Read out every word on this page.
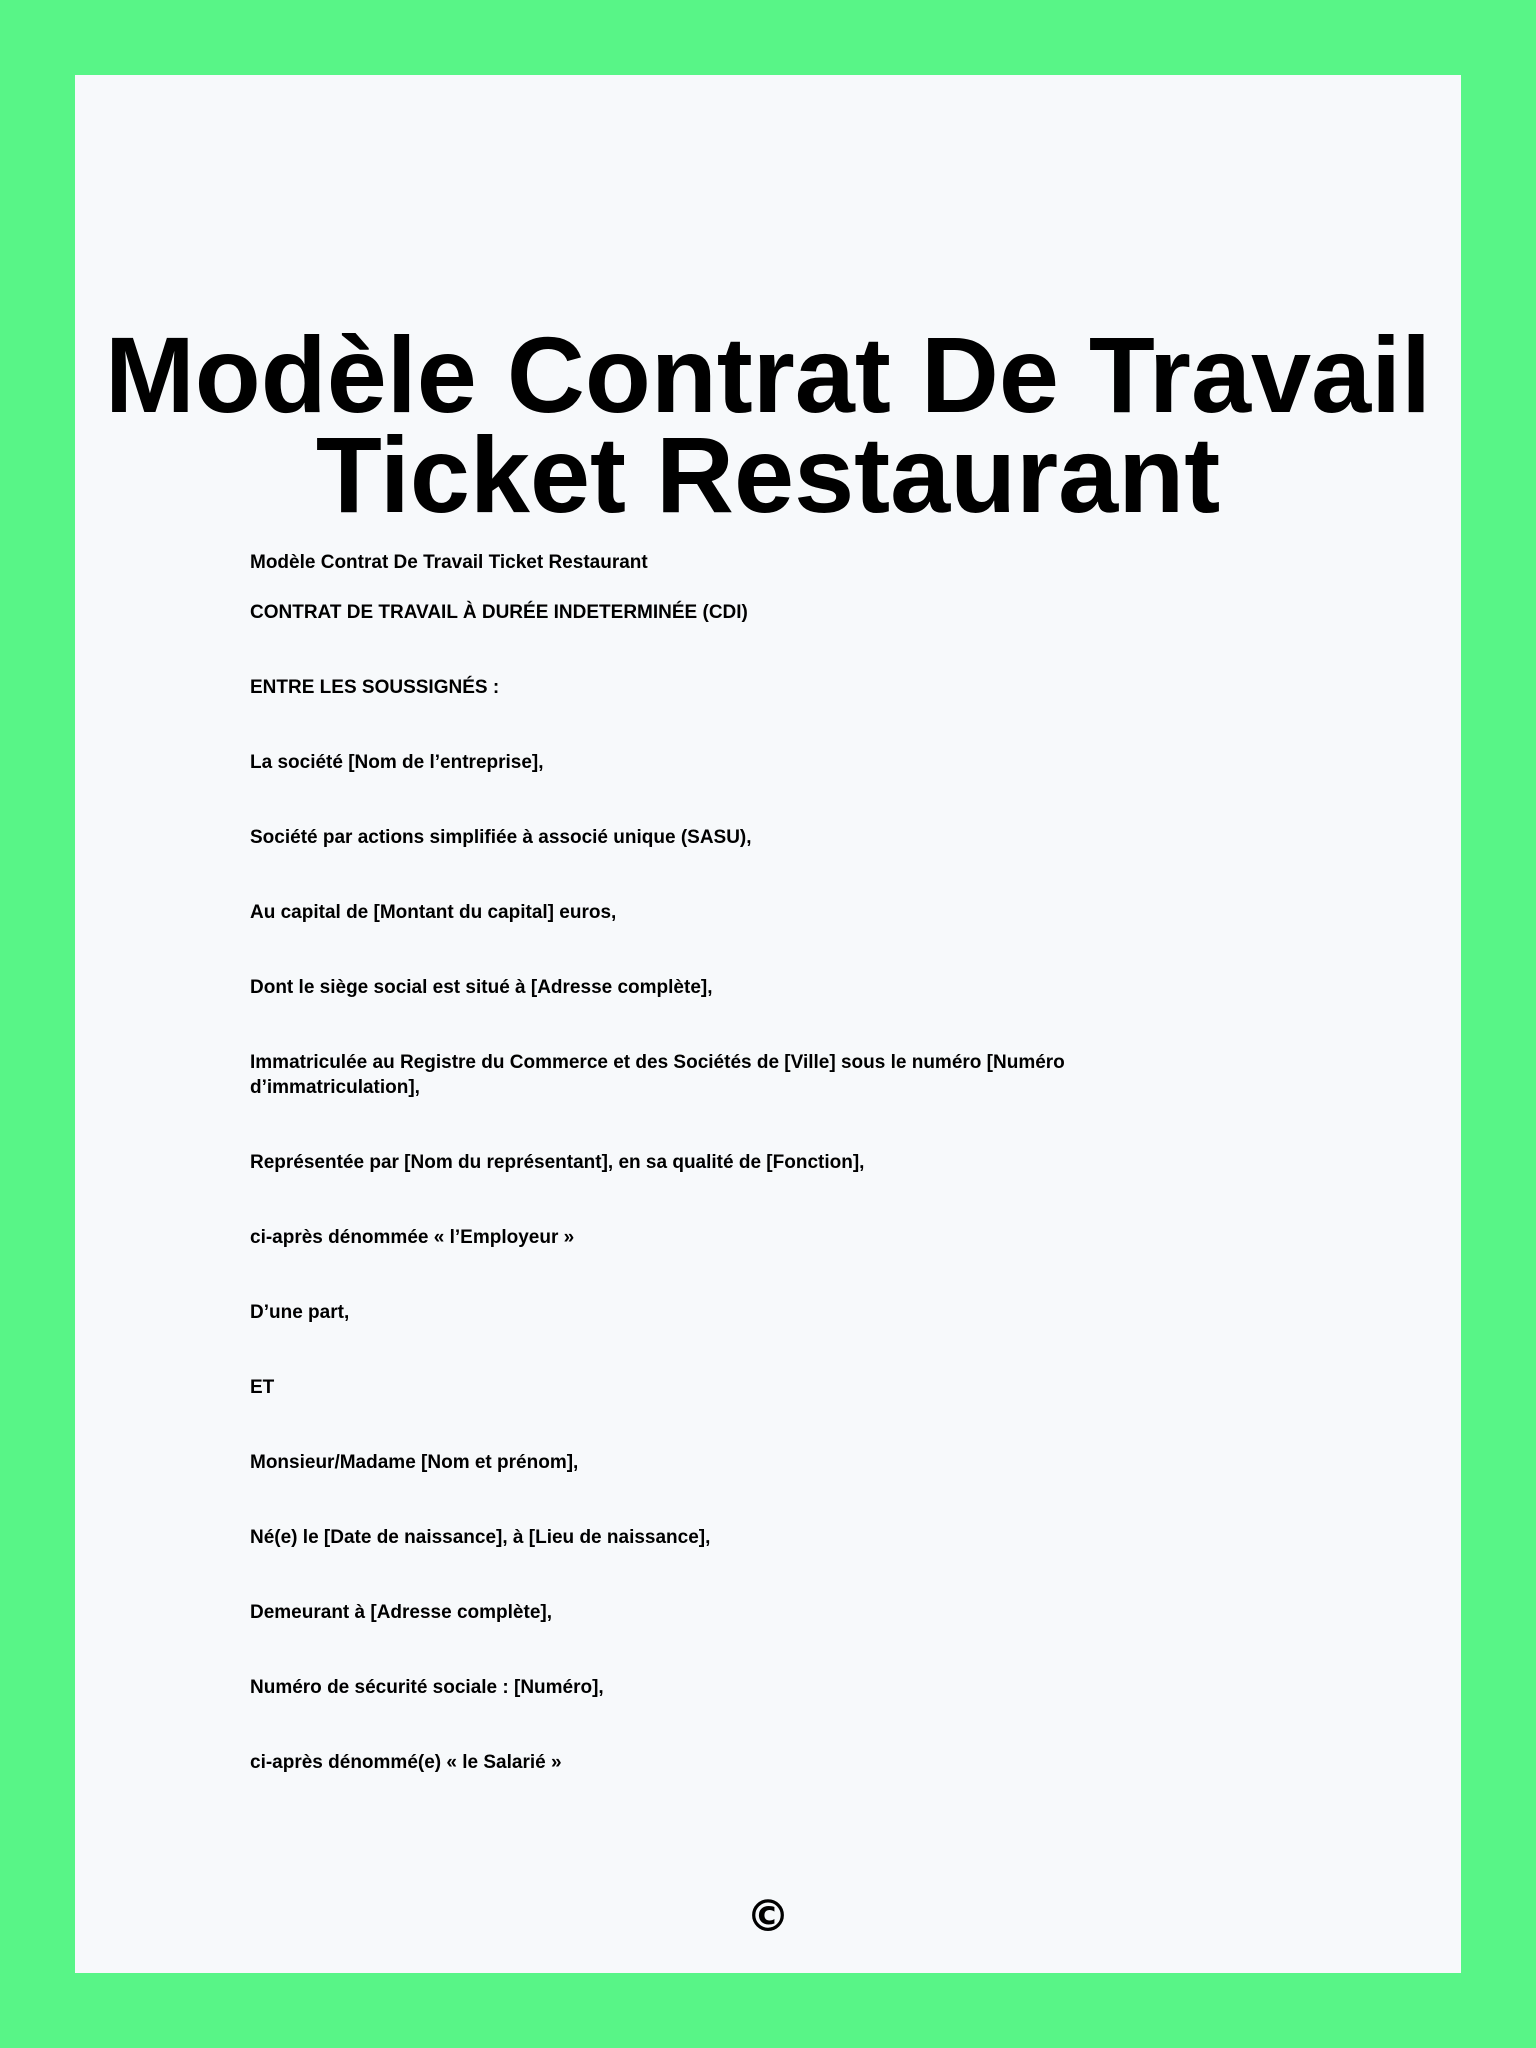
Modèle Contrat De Travail
Ticket Restaurant

Modèle Contrat De Travail Ticket Restaurant

CONTRAT DE TRAVAIL À DURÉE INDETERMINÉE (CDI)

ENTRE LES SOUSSIGNÉS :

La société [Nom de l’entreprise],

Société par actions simplifiée à associé unique (SASU),

Au capital de [Montant du capital] euros,

Dont le siège social est situé à [Adresse complète],

Immatriculée au Registre du Commerce et des Sociétés de [Ville] sous le numéro [Numéro d’immatriculation],

Représentée par [Nom du représentant], en sa qualité de [Fonction],

ci-après dénommée « l’Employeur »

D’une part,

ET

Monsieur/Madame [Nom et prénom],

Né(e) le [Date de naissance], à [Lieu de naissance],

Demeurant à [Adresse complète],

Numéro de sécurité sociale : [Numéro],

ci-après dénommé(e) « le Salarié »

©
